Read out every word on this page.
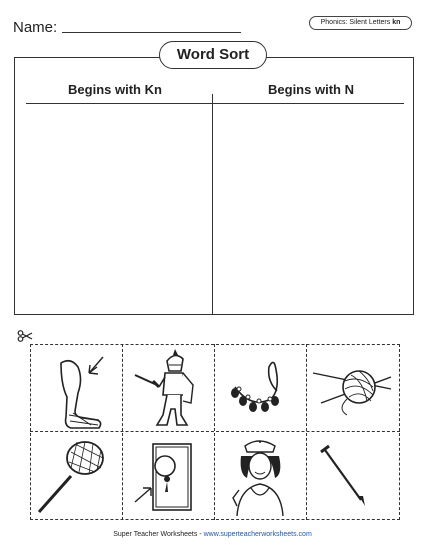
Name:	Phonics: Silent Letters kn
Word Sort
Begins with Kn	Begins with N
Super Teacher Worksheets - www.superteacherworksheets.com
